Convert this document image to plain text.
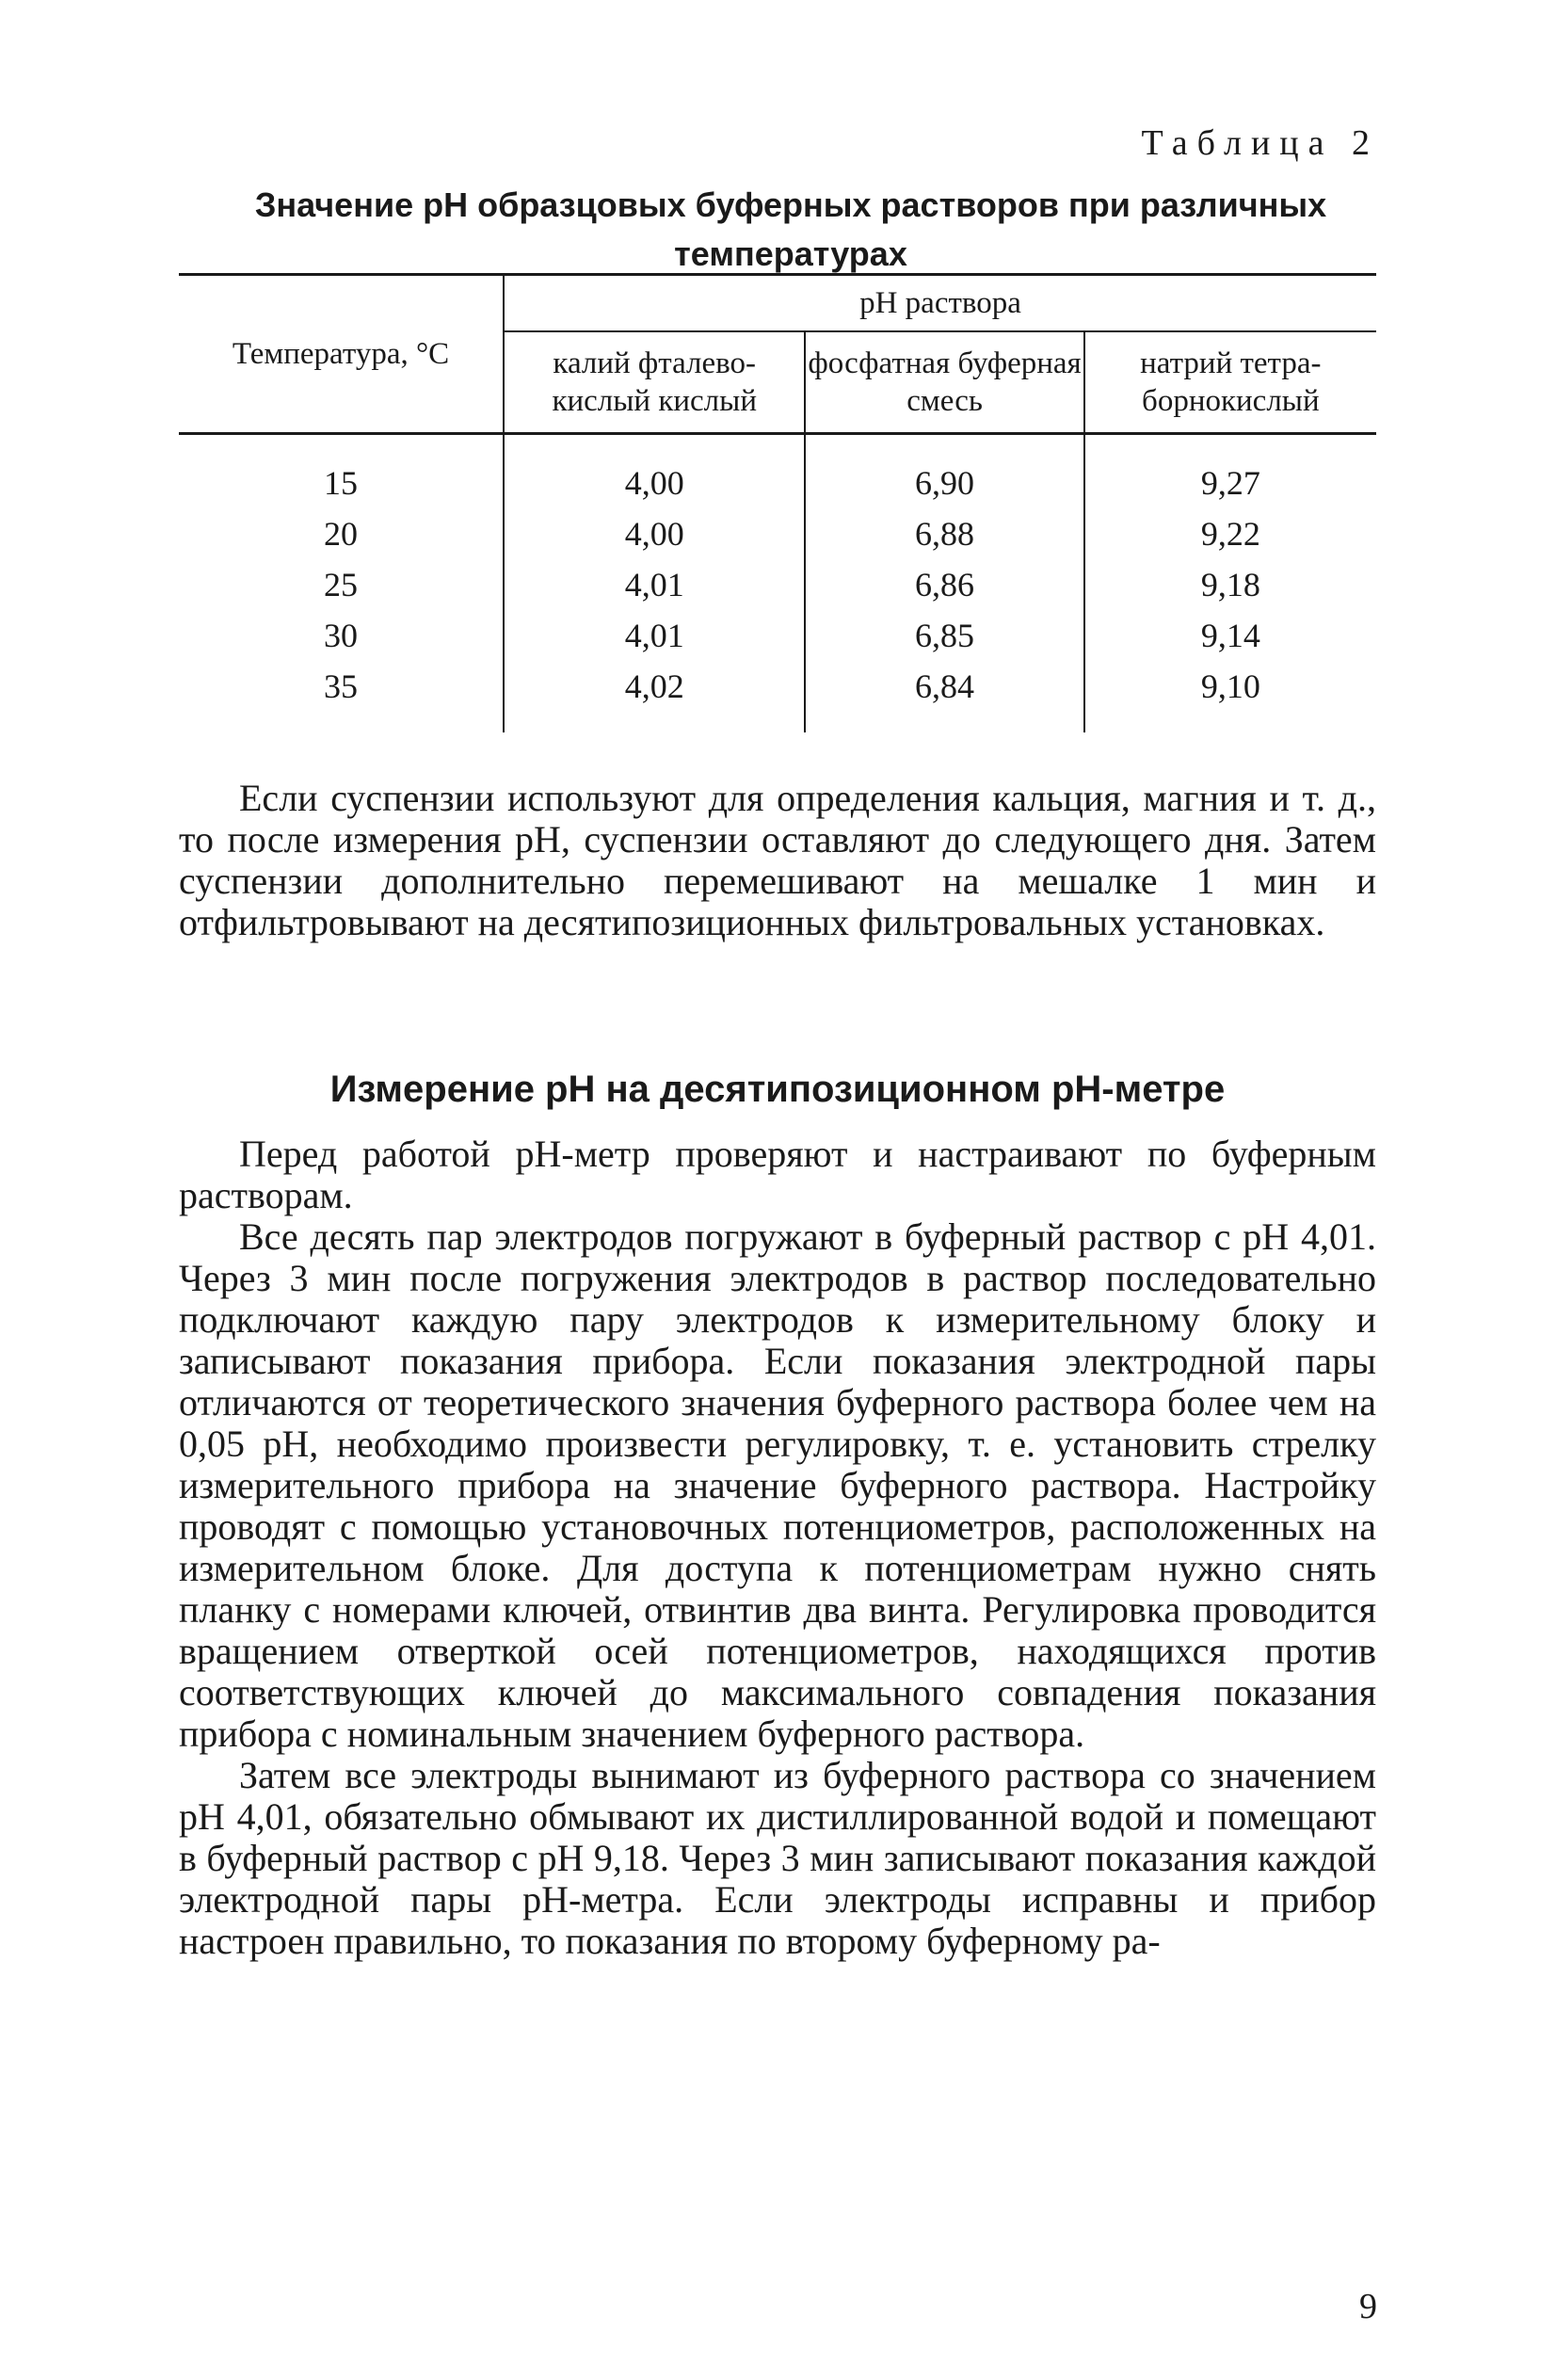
Таблица 2
Значение pH образцовых буферных растворов при различных температурах
Температура, °C	pH раствора		
	калий фталево-кислый кислый	фосфатная буферная смесь	натрий тетра-борнокислый
15	4,00	6,90	9,27
20	4,00	6,88	9,22
25	4,01	6,86	9,18
30	4,01	6,85	9,14
35	4,02	6,84	9,10

Если суспензии используют для определения кальция, магния и т. д., то после измерения pH, суспензии оставляют до следующего дня. Затем суспензии дополнительно перемешивают на мешалке 1 мин и отфильтровывают на десятипозиционных фильтровальных установках.

Измерение pH на десятипозиционном pH-метре

Перед работой pH-метр проверяют и настраивают по буферным растворам.

Все десять пар электродов погружают в буферный раствор с pH 4,01. Через 3 мин после погружения электродов в раствор последовательно подключают каждую пару электродов к измерительному блоку и записывают показания прибора. Если показания электродной пары отличаются от теоретического значения буферного раствора более чем на 0,05 pH, необходимо произвести регулировку, т. е. установить стрелку измерительного прибора на значение буферного раствора. Настройку проводят с помощью установочных потенциометров, расположенных на измерительном блоке. Для доступа к потенциометрам нужно снять планку с номерами ключей, отвинтив два винта. Регулировка проводится вращением отверткой осей потенциометров, находящихся против соответствующих ключей до максимального совпадения показания прибора с номинальным значением буферного раствора.

Затем все электроды вынимают из буферного раствора со значением pH 4,01, обязательно обмывают их дистиллированной водой и помещают в буферный раствор с pH 9,18. Через 3 мин записывают показания каждой электродной пары pH-метра. Если электроды исправны и прибор настроен правильно, то показания по второму буферному ра-

9
